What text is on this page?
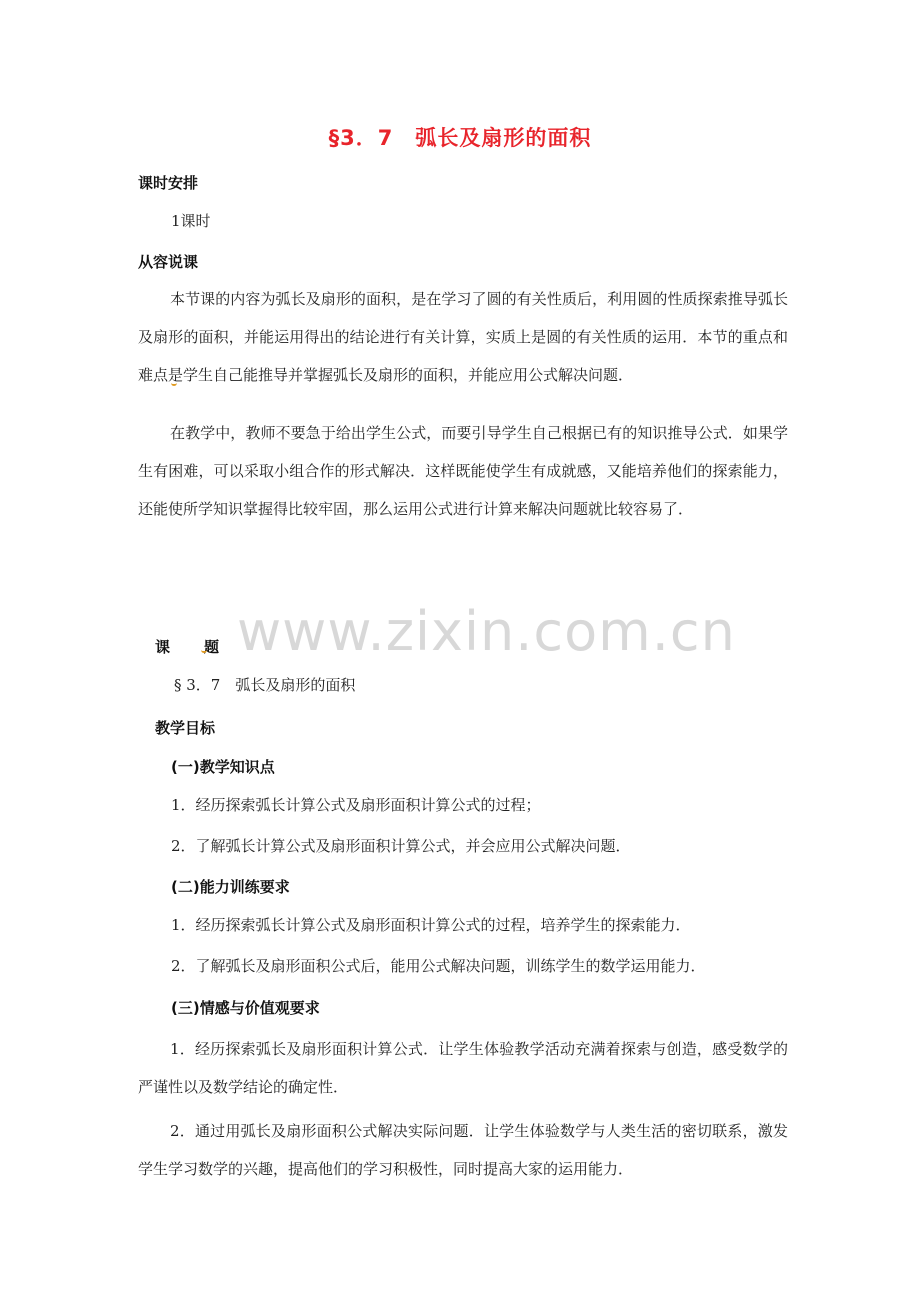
§3．7　弧长及扇形的面积
课时安排
1课时
从容说课
本节课的内容为弧长及扇形的面积，是在学习了圆的有关性质后，利用圆的性质探索推导弧长及扇形的面积，并能运用得出的结论进行有关计算，实质上是圆的有关性质的运用．本节的重点和难点是学生自己能推导并掌握弧长及扇形的面积，并能应用公式解决问题．
在教学中，教师不要急于给出学生公式，而要引导学生自己根据已有的知识推导公式．如果学生有困难，可以采取小组合作的形式解决．这样既能使学生有成就感，又能培养他们的探索能力，还能使所学知识掌握得比较牢固，那么运用公式进行计算来解决问题就比较容易了．
www.zixin.com.cn
课 题
§ 3．7　弧长及扇形的面积
教学目标
(一)教学知识点
1．经历探索弧长计算公式及扇形面积计算公式的过程；
2．了解弧长计算公式及扇形面积计算公式，并会应用公式解决问题．
(二)能力训练要求
1．经历探索弧长计算公式及扇形面积计算公式的过程，培养学生的探索能力．
2．了解弧长及扇形面积公式后，能用公式解决问题，训练学生的数学运用能力．
(三)情感与价值观要求
1．经历探索弧长及扇形面积计算公式．让学生体验教学活动充满着探索与创造，感受数学的严谨性以及数学结论的确定性．
2．通过用弧长及扇形面积公式解决实际问题．让学生体验数学与人类生活的密切联系，激发学生学习数学的兴趣，提高他们的学习积极性，同时提高大家的运用能力．
